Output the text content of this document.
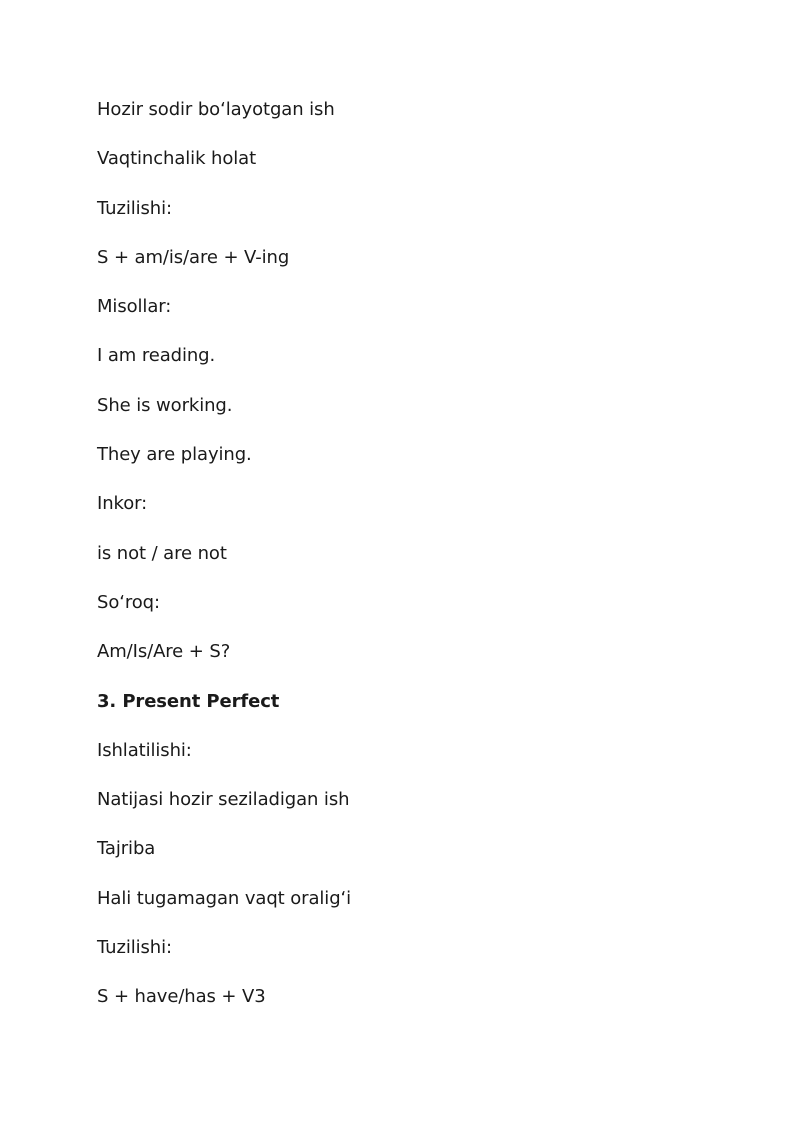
Hozir sodir bo‘layotgan ish
Vaqtinchalik holat
Tuzilishi:
S + am/is/are + V-ing
Misollar:
I am reading.
She is working.
They are playing.
Inkor:
is not / are not
So‘roq:
Am/Is/Are + S?
3. Present Perfect
Ishlatilishi:
Natijasi hozir seziladigan ish
Tajriba
Hali tugamagan vaqt oralig‘i
Tuzilishi:
S + have/has + V3
